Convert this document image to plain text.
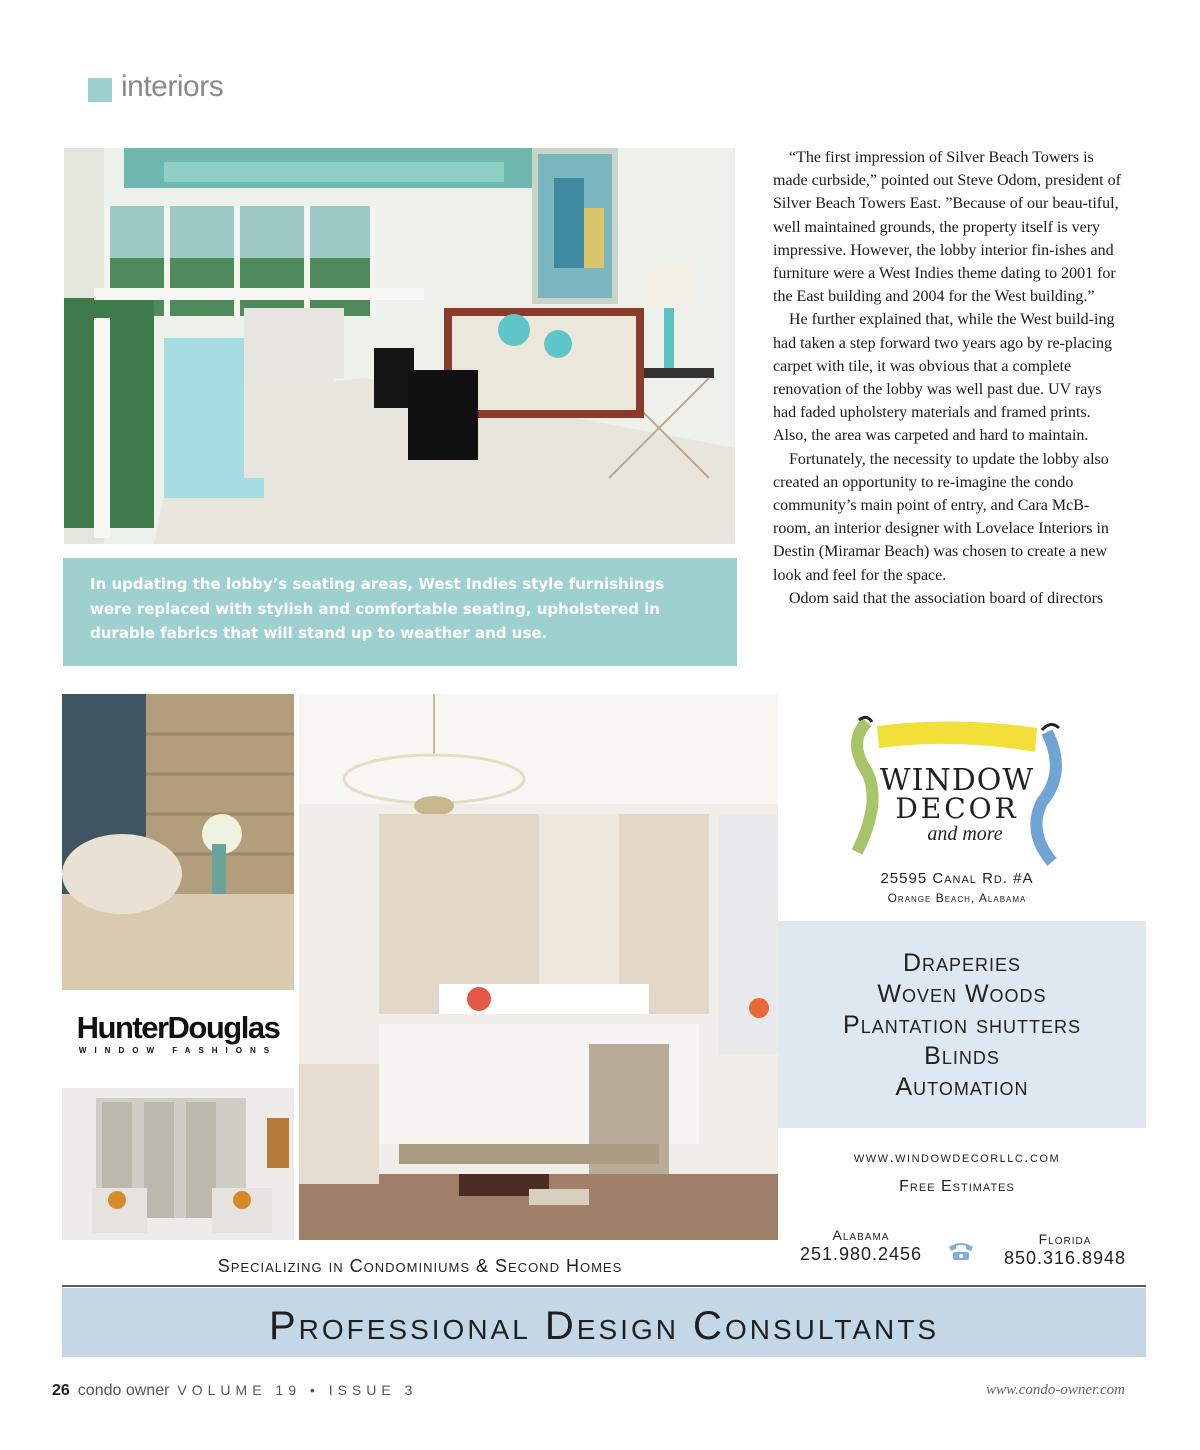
interiors
In updating the lobby’s seating areas, West Indies style furnishings were replaced with stylish and comfortable seating, upholstered in durable fabrics that will stand up to weather and use.

“The first impression of Silver Beach Towers is made curbside,” pointed out Steve Odom, president of Silver Beach Towers East. ”Because of our beau-tiful, well maintained grounds, the property itself is very impressive. However, the lobby interior fin-ishes and furniture were a West Indies theme dating to 2001 for the East building and 2004 for the West building.”

He further explained that, while the West build-ing had taken a step forward two years ago by re-placing carpet with tile, it was obvious that a complete renovation of the lobby was well past due. UV rays had faded upholstery materials and framed prints. Also, the area was carpeted and hard to maintain.

Fortunately, the necessity to update the lobby also created an opportunity to re-imagine the condo community’s main point of entry, and Cara McB-room, an interior designer with Lovelace Interiors in Destin (Miramar Beach) was chosen to create a new look and feel for the space.

Odom said that the association board of directors

HunterDouglas
WINDOW FASHIONS
WINDOW
DECOR
and more
25595 Canal Rd. #A
Orange Beach, Alabama
Draperies
Woven Woods
Plantation shutters
Blinds
Automation
www.windowdecorllc.com
Free Estimates
Alabama
251.980.2456
Florida
850.316.8948
Specializing in Condominiums & Second Homes
Professional Design Consultants
26 condo owner VOLUME 19 • ISSUE 3	www.condo-owner.com
